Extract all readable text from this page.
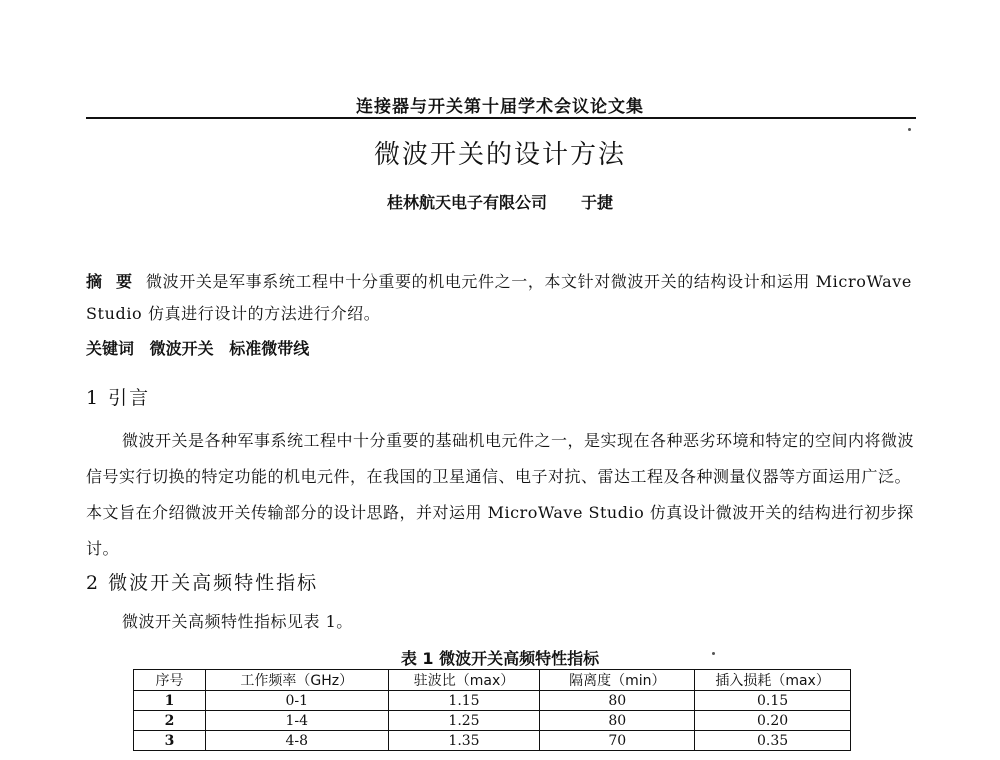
连接器与开关第十届学术会议论文集
微波开关的设计方法
桂林航天电子有限公司 于捷
摘要微波开关是军事系统工程中十分重要的机电元件之一，本文针对微波开关的结构设计和运用 MicroWave Studio 仿真进行设计的方法进行介绍。
关键词 微波开关 标准微带线
1 引言
微波开关是各种军事系统工程中十分重要的基础机电元件之一，是实现在各种恶劣环境和特定的空间内将微波信号实行切换的特定功能的机电元件，在我国的卫星通信、电子对抗、雷达工程及各种测量仪器等方面运用广泛。本文旨在介绍微波开关传输部分的设计思路，并对运用 MicroWave Studio 仿真设计微波开关的结构进行初步探讨。
2 微波开关高频特性指标
微波开关高频特性指标见表 1。
表 1 微波开关高频特性指标
序号	工作频率（GHz）	驻波比（max）	隔离度（min）	插入损耗（max）
1	0-1	1.15	80	0.15
2	1-4	1.25	80	0.20
3	4-8	1.35	70	0.35
